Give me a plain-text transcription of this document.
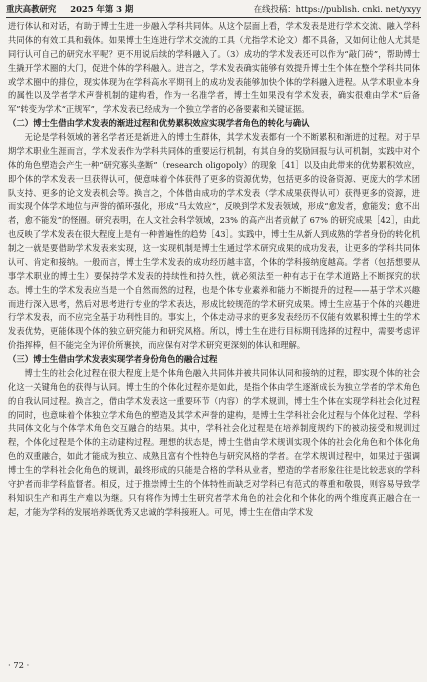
重庆高教研究 2025 年第 3 期	在线投稿：https://publish. cnki. net/yxyy

进行体认和对话，有助于博士生进一步融入学科共同体。从这个层面上看，学术发表是进行学术交流、融入学科共同体的有效工具和载体。如果博士生连进行学术交流的工具（尤指学术论文）都不具备，又如何让他人尤其是同行认可自己的研究水平呢？更不用说后续的学科融入了。（3）成功的学术发表还可以作为“敲门砖”，帮助博士生撬开学术圈的大门，促进个体的学科融入。进言之，学术发表确实能够有效提升博士生个体在整个学科共同体或学术圈中的排位，现实体现为在学科高水平期刊上的成功发表能够加快个体的学科融入进程。从学术职业本身的属性以及学者学术声誉机制的建构看，作为一名准学者，博士生如果没有学术发表，确实很难由学术“后备军”转变为学术“正规军”，学术发表已经成为一个独立学者的必备要素和关键证据。

（二）博士生借由学术发表的渐进过程和优势累积效应实现学者角色的转化与确认

无论是学科领域的著名学者还是新进入的博士生群体，其学术发表都有一个不断累积和渐进的过程。对于早期学术职业生涯而言，学术发表作为学科共同体的重要运行机制，有其自身的奖励回报与认可机制，实践中对个体的角色塑造会产生一种“研究寡头垄断”（research oligopoly）的现象［41］以及由此带来的优势累积效应，即个体的学术发表一旦获得认可，便意味着个体获得了更多的资源优势，包括更多的设备资源、更庞大的学术团队支持、更多的论文发表机会等。换言之，个体借由成功的学术发表（学术成果获得认可）获得更多的资源，进而实现个体学术地位与声誉的循环强化，形成“马太效应”，反映到学术发表领域，形成“愈发者，愈能发；愈不出者，愈不能发”的怪圈。研究表明，在人文社会科学领域，23% 的高产出者贡献了 67% 的研究成果［42］，由此也反映了学术发表在很大程度上是有一种普遍性的趋势［43］。实践中，博士生从新人到成熟的学者身份的转化机制之一就是要借助学术发表来实现，这一实现机制是博士生通过学术研究成果的成功发表，让更多的学科共同体认可、肯定和接纳。一般而言，博士生学术发表的成功经历越丰富，个体的学科接纳度越高。学者（包括想要从事学术职业的博士生）要保持学术发表的持续性和持久性，就必须法至一种有志于在学术道路上不断探究的状态。博士生的学术发表应当是一个自然而然的过程，也是个体专业素养和能力不断提升的过程——基于学术兴趣而进行深入思考，然后对思考进行专业的学术表达，形成比较规范的学术研究成果。博士生应基于个体的兴趣进行学术发表，而不应完全基于功利性目的。事实上，个体走动寻求的更多发表经历不仅能有效累积博士生的学术发表优势，更能体现个体的独立研究能力和研究风格。所以，博士生在进行目标期刊选择的过程中，需要考虑评价指挥棒，但不能完全为评价所裹挟，而应保有对学术研究更深刻的体认和理解。

（三）博士生借由学术发表实现学者身份角色的融合过程

博士生的社会化过程在很大程度上是个体角色融入共同体并被共同体认同和接纳的过程，即实现个体的社会化这一关键角色的获得与认同。博士生的个体化过程亦是如此，是指个体由学生逐渐成长为独立学者的学术角色的自我认同过程。换言之，借由学术发表这一重要环节（内容）的学术规训，博士生个体在实现学科社会化过程的同时，也意味着个体独立学术角色的塑造及其学术声誉的建构，是博士生学科社会化过程与个体化过程、学科共同体文化与个体学术角色交互融合的结果。其中，学科社会化过程是在培养制度规约下的被动接受和规训过程，个体化过程是个体的主动建构过程。理想的状态是，博士生借由学术规训实现个体的社会化角色和个体化角色的双重融合，如此才能成为独立、成熟且富有个性特色与研究风格的学者。在学术规训过程中，如果过于强调博士生的学科社会化角色的规训，最终形成的只能是合格的学科从业者，塑造的学者形象往往是比较悲哀的学科守护者而非学科监督者。相反，过于推崇博士生的个体特性而缺乏对学科已有范式的尊重和敬畏，则容易导致学科知识生产和再生产难以为继。只有将作为博士生研究者学术角色的社会化和个体化的两个维度真正融合在一起，才能为学科的发展培养既优秀又忠诚的学科接班人。可见，博士生在借由学术发

· 72 ·
